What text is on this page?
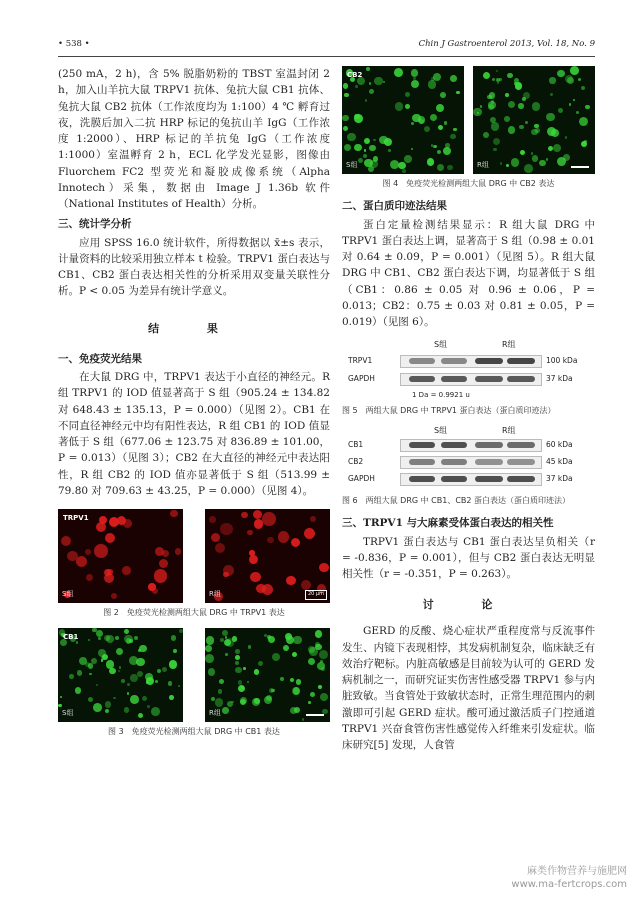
• 538 •	Chin J Gastroenterol 2013, Vol. 18, No. 9

(250 mA，2 h)，含 5% 脱脂奶粉的 TBST 室温封闭 2 h，加入山羊抗大鼠 TRPV1 抗体、兔抗大鼠 CB1 抗体、兔抗大鼠 CB2 抗体（工作浓度均为 1:100）4 ℃ 孵育过夜，洗膜后加入二抗 HRP 标记的兔抗山羊 IgG（工作浓度 1:2000）、HRP 标记的羊抗兔 IgG（工作浓度 1:1000）室温孵育 2 h，ECL 化学发光显影，图像由 Fluorchem FC2 型荧光和凝胶成像系统（Alpha Innotech）采集，数据由 Image J 1.36b 软件（National Institutes of Health）分析。

三、统计学分析

应用 SPSS 16.0 统计软件，所得数据以 x̄±s 表示，计量资料的比较采用独立样本 t 检验。TRPV1 蛋白表达与 CB1、CB2 蛋白表达相关性的分析采用双变量关联性分析。P < 0.05 为差异有统计学意义。

结 果

一、免疫荧光结果

在大鼠 DRG 中，TRPV1 表达于小直径的神经元。R 组 TRPV1 的 IOD 值显著高于 S 组（905.24 ± 134.82 对 648.43 ± 135.13，P = 0.000）（见图 2）。CB1 在不同直径神经元中均有阳性表达，R 组 CB1 的 IOD 值显著低于 S 组（677.06 ± 123.75 对 836.89 ± 101.00，P = 0.013）（见图 3）；CB2 在大直径的神经元中表达阳性，R 组 CB2 的 IOD 值亦显著低于 S 组（513.99 ± 79.80 对 709.63 ± 43.25，P = 0.000）（见图 4）。

TRPV1
S组	R组	20 μm
图 2　免疫荧光检测两组大鼠 DRG 中 TRPV1 表达
CB1
S组	R组
图 3　免疫荧光检测两组大鼠 DRG 中 CB1 表达
CB2
S组	R组
图 4　免疫荧光检测两组大鼠 DRG 中 CB2 表达

二、蛋白质印迹法结果

蛋白定量检测结果显示：R 组大鼠 DRG 中 TRPV1 蛋白表达上调，显著高于 S 组（0.98 ± 0.01 对 0.64 ± 0.09，P = 0.001）（见图 5）。R 组大鼠 DRG 中 CB1、CB2 蛋白表达下调，均显著低于 S 组（CB1：0.86 ± 0.05 对 0.96 ± 0.06，P = 0.013；CB2：0.75 ± 0.03 对 0.81 ± 0.05，P = 0.019）（见图 6）。

S组	R组
TRPV1	100 kDa
GAPDH	37 kDa
1 Da = 0.9921 u
图 5　两组大鼠 DRG 中 TRPV1 蛋白表达（蛋白质印迹法）
S组	R组
CB1	60 kDa
CB2	45 kDa
GAPDH	37 kDa
图 6　两组大鼠 DRG 中 CB1、CB2 蛋白表达（蛋白质印迹法）

三、TRPV1 与大麻素受体蛋白表达的相关性

TRPV1 蛋白表达与 CB1 蛋白表达呈负相关（r = -0.836，P = 0.001），但与 CB2 蛋白表达无明显相关性（r = -0.351，P = 0.263）。

讨 论

GERD 的反酸、烧心症状严重程度常与反流事件发生、内镜下表现相悖，其发病机制复杂，临床缺乏有效治疗靶标。内脏高敏感是目前较为认可的 GERD 发病机制之一，而研究证实伤害性感受器 TRPV1 参与内脏致敏。当食管处于致敏状态时，正常生理范围内的刺激即可引起 GERD 症状。酸可通过激活质子门控通道 TRPV1 兴奋食管伤害性感觉传入纤维来引发症状。临床研究[5] 发现，人食管

麻类作物营养与施肥网
www.ma-fertcrops.com
